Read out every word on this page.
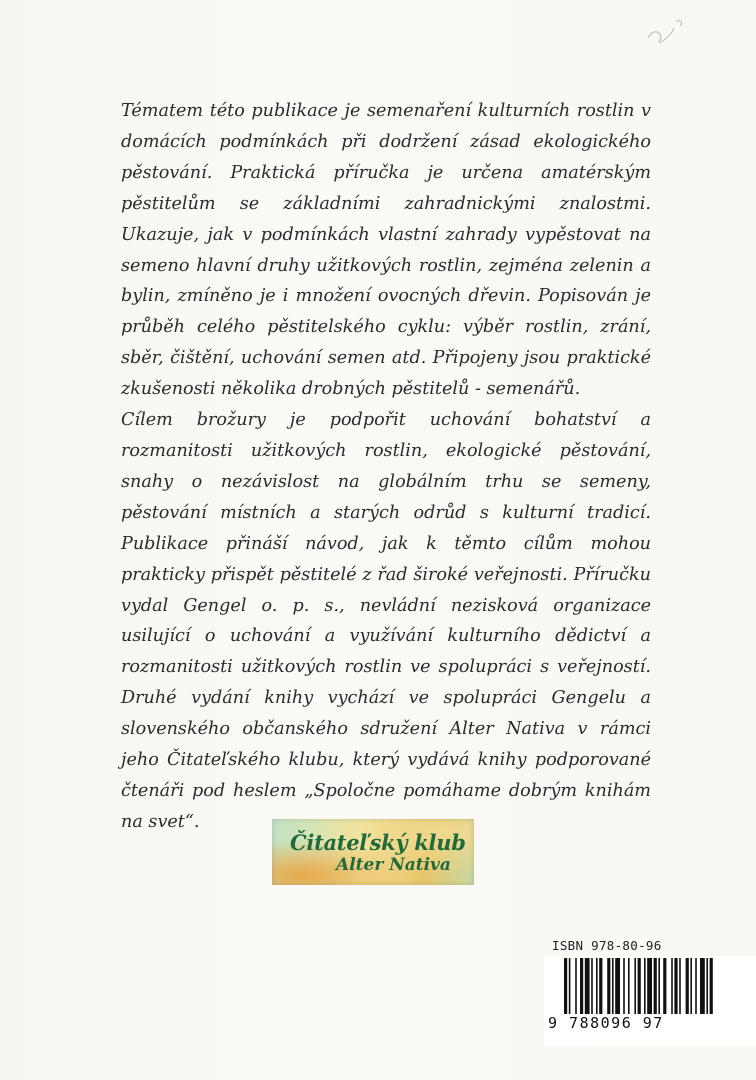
Tématem této publikace je semenaření kulturních rostlin v domácích podmínkách při dodržení zásad ekologického pěstování. Praktická příručka je určena amatérským pěstitelům se základními zahradnickými znalostmi. Ukazuje, jak v podmínkách vlastní zahrady vypěstovat na semeno hlavní druhy užitkových rostlin, zejména zelenin a bylin, zmíněno je i množení ovocných dřevin. Popisován je průběh celého pěstitelského cyklu: výběr rostlin, zrání, sběr, čištění, uchování semen atd. Připojeny jsou praktické zkušenosti několika drobných pěstitelů - semenářů.

Cílem brožury je podpořit uchování bohatství a rozmanitosti užitkových rostlin, ekologické pěstování, snahy o nezávislost na globálním trhu se semeny, pěstování místních a starých odrůd s kulturní tradicí. Publikace přináší návod, jak k těmto cílům mohou prakticky přispět pěstitelé z řad široké veřejnosti. Příručku vydal Gengel o. p. s., nevládní nezisková organizace usilující o uchování a využívání kulturního dědictví a rozmanitosti užitkových rostlin ve spolupráci s veřejností. Druhé vydání knihy vychází ve spolupráci Gengelu a slovenského občanského sdružení Alter Nativa v rámci jeho Čitateľského klubu, který vydává knihy podporované čtenáři pod heslem „Spoločne pomáhame dobrým knihám na svet“.

Čitateľský klub
Alter Nativa
ISBN 978-80-96
9 788096 97
